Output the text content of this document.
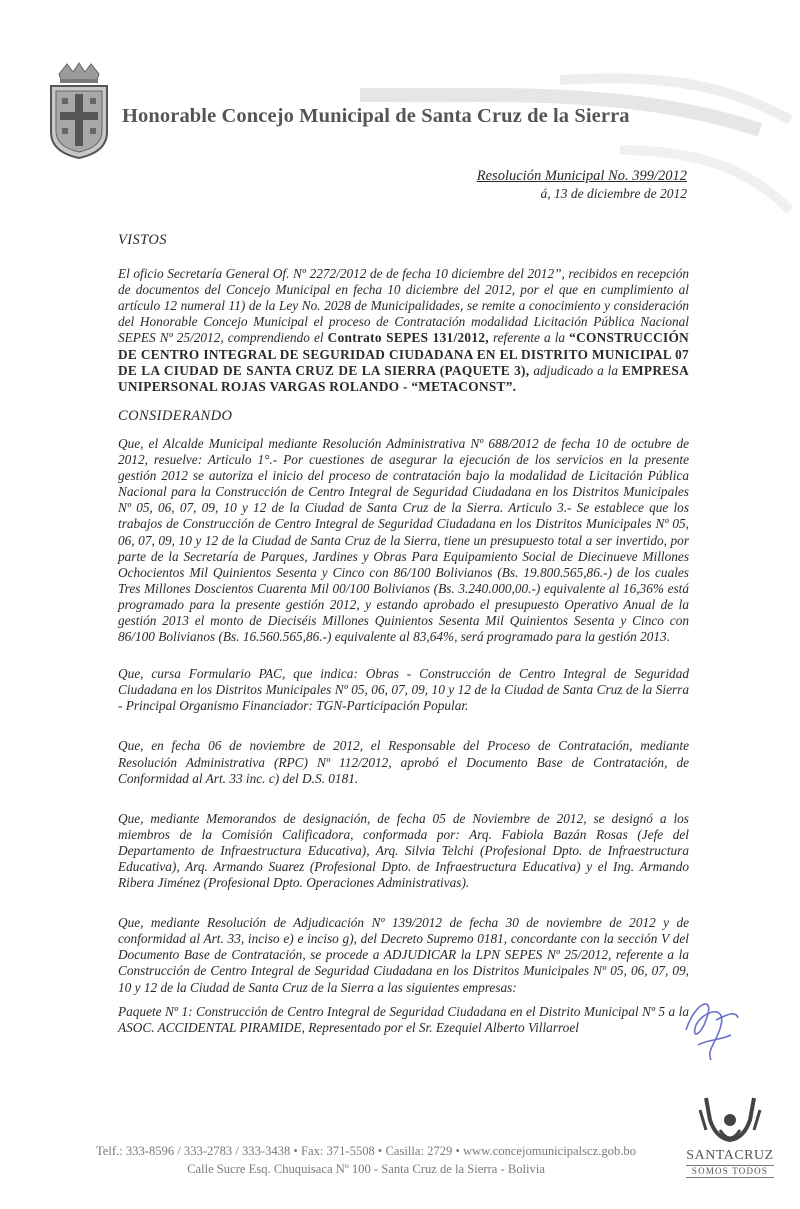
Honorable Concejo Municipal de Santa Cruz de la Sierra
Resolución Municipal No. 399/2012
á, 13 de diciembre de 2012

VISTOS

El oficio Secretaría General Of. Nº 2272/2012 de de fecha 10 diciembre del 2012”, recibidos en recepción de documentos del Concejo Municipal en fecha 10 diciembre del 2012, por el que en cumplimiento al artículo 12 numeral 11) de la Ley No. 2028 de Municipalidades, se remite a conocimiento y consideración del Honorable Concejo Municipal el proceso de Contratación modalidad Licitación Pública Nacional SEPES Nº 25/2012, comprendiendo el Contrato SEPES 131/2012, referente a la “CONSTRUCCIÓN DE CENTRO INTEGRAL DE SEGURIDAD CIUDADANA EN EL DISTRITO MUNICIPAL 07 DE LA CIUDAD DE SANTA CRUZ DE LA SIERRA (PAQUETE 3), adjudicado a la EMPRESA UNIPERSONAL ROJAS VARGAS ROLANDO - “METACONST”.

CONSIDERANDO

Que, el Alcalde Municipal mediante Resolución Administrativa Nº 688/2012 de fecha 10 de octubre de 2012, resuelve: Articulo 1°.- Por cuestiones de asegurar la ejecución de los servicios en la presente gestión 2012 se autoriza el inicio del proceso de contratación bajo la modalidad de Licitación Pública Nacional para la Construcción de Centro Integral de Seguridad Ciudadana en los Distritos Municipales Nº 05, 06, 07, 09, 10 y 12 de la Ciudad de Santa Cruz de la Sierra. Articulo 3.- Se establece que los trabajos de Construcción de Centro Integral de Seguridad Ciudadana en los Distritos Municipales Nº 05, 06, 07, 09, 10 y 12 de la Ciudad de Santa Cruz de la Sierra, tiene un presupuesto total a ser invertido, por parte de la Secretaría de Parques, Jardines y Obras Para Equipamiento Social de Diecinueve Millones Ochocientos Mil Quinientos Sesenta y Cinco con 86/100 Bolivianos (Bs. 19.800.565,86.-) de los cuales Tres Millones Doscientos Cuarenta Mil 00/100 Bolivianos (Bs. 3.240.000,00.-) equivalente al 16,36% está programado para la presente gestión 2012, y estando aprobado el presupuesto Operativo Anual de la gestión 2013 el monto de Dieciséis Millones Quinientos Sesenta Mil Quinientos Sesenta y Cinco con 86/100 Bolivianos (Bs. 16.560.565,86.-) equivalente al 83,64%, será programado para la gestión 2013.

Que, cursa Formulario PAC, que indica: Obras - Construcción de Centro Integral de Seguridad Ciudadana en los Distritos Municipales Nº 05, 06, 07, 09, 10 y 12 de la Ciudad de Santa Cruz de la Sierra - Principal Organismo Financiador: TGN-Participación Popular.

Que, en fecha 06 de noviembre de 2012, el Responsable del Proceso de Contratación, mediante Resolución Administrativa (RPC) Nº 112/2012, aprobó el Documento Base de Contratación, de Conformidad al Art. 33 inc. c) del D.S. 0181.

Que, mediante Memorandos de designación, de fecha 05 de Noviembre de 2012, se designó a los miembros de la Comisión Calificadora, conformada por: Arq. Fabiola Bazán Rosas (Jefe del Departamento de Infraestructura Educativa), Arq. Silvia Telchi (Profesional Dpto. de Infraestructura Educativa), Arq. Armando Suarez (Profesional Dpto. de Infraestructura Educativa) y el Ing. Armando Ribera Jiménez (Profesional Dpto. Operaciones Administrativas).

Que, mediante Resolución de Adjudicación Nº 139/2012 de fecha 30 de noviembre de 2012 y de conformidad al Art. 33, inciso e) e inciso g), del Decreto Supremo 0181, concordante con la sección V del Documento Base de Contratación, se procede a ADJUDICAR la LPN SEPES Nº 25/2012, referente a la Construcción de Centro Integral de Seguridad Ciudadana en los Distritos Municipales Nº 05, 06, 07, 09, 10 y 12 de la Ciudad de Santa Cruz de la Sierra a las siguientes empresas:

Paquete Nº 1: Construcción de Centro Integral de Seguridad Ciudadana en el Distrito Municipal Nº 5 a la ASOC. ACCIDENTAL PIRAMIDE, Representado por el Sr. Ezequiel Alberto Villarroel

Telf.: 333-8596 / 333-2783 / 333-3438 • Fax: 371-5508 • Casilla: 2729 • www.concejomunicipalscz.gob.bo
Calle Sucre Esq. Chuquisaca Nº 100 - Santa Cruz de la Sierra - Bolivia
SANTACRUZ
SOMOS TODOS
